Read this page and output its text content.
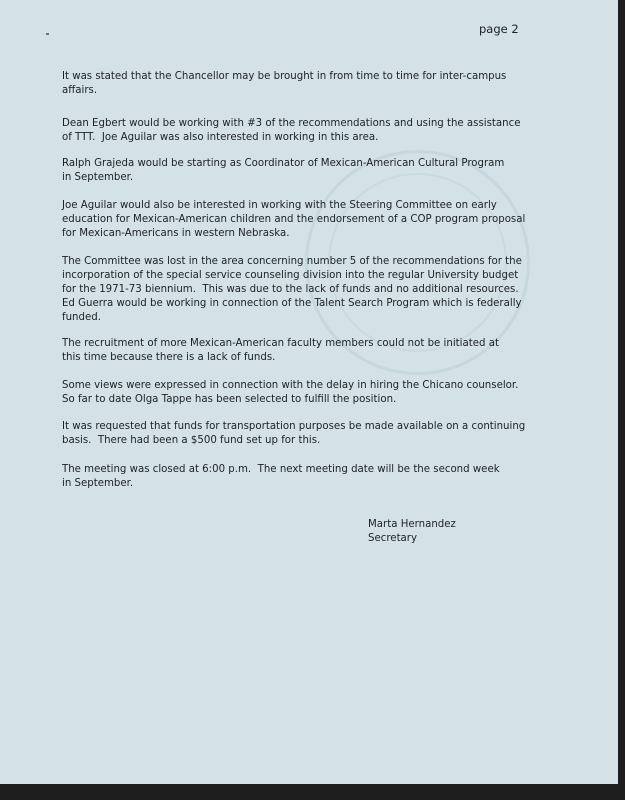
page 2

It was stated that the Chancellor may be brought in from time to time for inter-campus
affairs.

Dean Egbert would be working with #3 of the recommendations and using the assistance
of TTT.  Joe Aguilar was also interested in working in this area.

Ralph Grajeda would be starting as Coordinator of Mexican-American Cultural Program
in September.

Joe Aguilar would also be interested in working with the Steering Committee on early
education for Mexican-American children and the endorsement of a COP program proposal
for Mexican-Americans in western Nebraska.

The Committee was lost in the area concerning number 5 of the recommendations for the
incorporation of the special service counseling division into the regular University budget
for the 1971-73 biennium.  This was due to the lack of funds and no additional resources.
Ed Guerra would be working in connection of the Talent Search Program which is federally
funded.

The recruitment of more Mexican-American faculty members could not be initiated at
this time because there is a lack of funds.

Some views were expressed in connection with the delay in hiring the Chicano counselor.
So far to date Olga Tappe has been selected to fulfill the position.

It was requested that funds for transportation purposes be made available on a continuing
basis.  There had been a $500 fund set up for this.

The meeting was closed at 6:00 p.m.  The next meeting date will be the second week
in September.

Marta Hernandez

Secretary
